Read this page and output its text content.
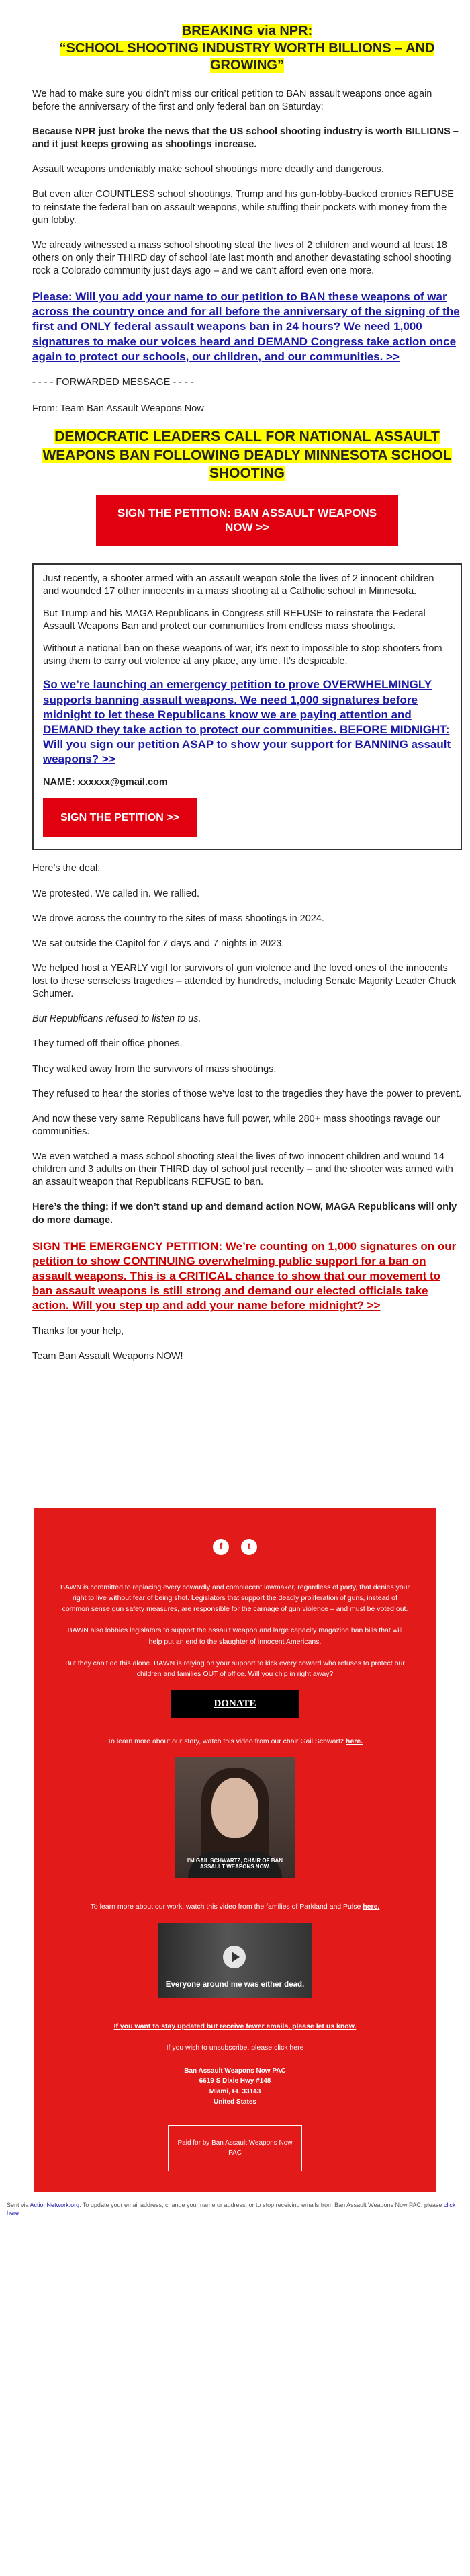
BREAKING via NPR:
“SCHOOL SHOOTING INDUSTRY WORTH BILLIONS – AND GROWING”

We had to make sure you didn’t miss our critical petition to BAN assault weapons once again before the anniversary of the first and only federal ban on Saturday:

Because NPR just broke the news that the US school shooting industry is worth BILLIONS – and it just keeps growing as shootings increase.

Assault weapons undeniably make school shootings more deadly and dangerous.

But even after COUNTLESS school shootings, Trump and his gun-lobby-backed cronies REFUSE to reinstate the federal ban on assault weapons, while stuffing their pockets with money from the gun lobby.

We already witnessed a mass school shooting steal the lives of 2 children and wound at least 18 others on only their THIRD day of school late last month and another devastating school shooting rock a Colorado community just days ago – and we can’t afford even one more.

Please: Will you add your name to our petition to BAN these weapons of war across the country once and for all before the anniversary of the signing of the first and ONLY federal assault weapons ban in 24 hours? We need 1,000 signatures to make our voices heard and DEMAND Congress take action once again to protect our schools, our children, and our communities. >>

- - - - FORWARDED MESSAGE - - - -

From: Team Ban Assault Weapons Now

DEMOCRATIC LEADERS CALL FOR NATIONAL ASSAULT WEAPONS BAN FOLLOWING DEADLY MINNESOTA SCHOOL SHOOTING
SIGN THE PETITION: BAN ASSAULT WEAPONS NOW >>

Just recently, a shooter armed with an assault weapon stole the lives of 2 innocent children and wounded 17 other innocents in a mass shooting at a Catholic school in Minnesota.

But Trump and his MAGA Republicans in Congress still REFUSE to reinstate the Federal Assault Weapons Ban and protect our communities from endless mass shootings.

Without a national ban on these weapons of war, it’s next to impossible to stop shooters from using them to carry out violence at any place, any time. It’s despicable.

So we’re launching an emergency petition to prove OVERWHELMINGLY supports banning assault weapons. We need 1,000 signatures before midnight to let these Republicans know we are paying attention and DEMAND they take action to protect our communities. BEFORE MIDNIGHT: Will you sign our petition ASAP to show your support for BANNING assault weapons? >>

NAME: xxxxxx@gmail.com

SIGN THE PETITION >>

Here’s the deal:

We protested. We called in. We rallied.

We drove across the country to the sites of mass shootings in 2024.

We sat outside the Capitol for 7 days and 7 nights in 2023.

We helped host a YEARLY vigil for survivors of gun violence and the loved ones of the innocents lost to these senseless tragedies – attended by hundreds, including Senate Majority Leader Chuck Schumer.

But Republicans refused to listen to us.

They turned off their office phones.

They walked away from the survivors of mass shootings.

They refused to hear the stories of those we’ve lost to the tragedies they have the power to prevent.

And now these very same Republicans have full power, while 280+ mass shootings ravage our communities.

We even watched a mass school shooting steal the lives of two innocent children and wound 14 children and 3 adults on their THIRD day of school just recently – and the shooter was armed with an assault weapon that Republicans REFUSE to ban.

Here’s the thing: if we don’t stand up and demand action NOW, MAGA Republicans will only do more damage.

SIGN THE EMERGENCY PETITION: We’re counting on 1,000 signatures on our petition to show CONTINUING overwhelming public support for a ban on assault weapons. This is a CRITICAL chance to show that our movement to ban assault weapons is still strong and demand our elected officials take action. Will you step up and add your name before midnight? >>

Thanks for your help,

Team Ban Assault Weapons NOW!

f	t

BAWN is committed to replacing every cowardly and complacent lawmaker, regardless of party, that denies your right to live without fear of being shot. Legislators that support the deadly proliferation of guns, instead of common sense gun safety measures, are responsible for the carnage of gun violence – and must be voted out.

BAWN also lobbies legislators to support the assault weapon and large capacity magazine ban bills that will help put an end to the slaughter of innocent Americans.

But they can’t do this alone. BAWN is relying on your support to kick every coward who refuses to protect our children and families OUT of office. Will you chip in right away?

DONATE

To learn more about our story, watch this video from our chair Gail Schwartz here.

I'M GAIL SCHWARTZ, CHAIR OF BAN ASSAULT WEAPONS NOW.

To learn more about our work, watch this video from the families of Parkland and Pulse here.

Everyone around me was either dead.

If you want to stay updated but receive fewer emails, please let us know.

If you wish to unsubscribe, please click here

Ban Assault Weapons Now PAC
6619 S Dixie Hwy #148
Miami, FL 33143
United States
Paid for by Ban Assault Weapons Now PAC
Sent via ActionNetwork.org. To update your email address, change your name or address, or to stop receiving emails from Ban Assault Weapons Now PAC, please click here
